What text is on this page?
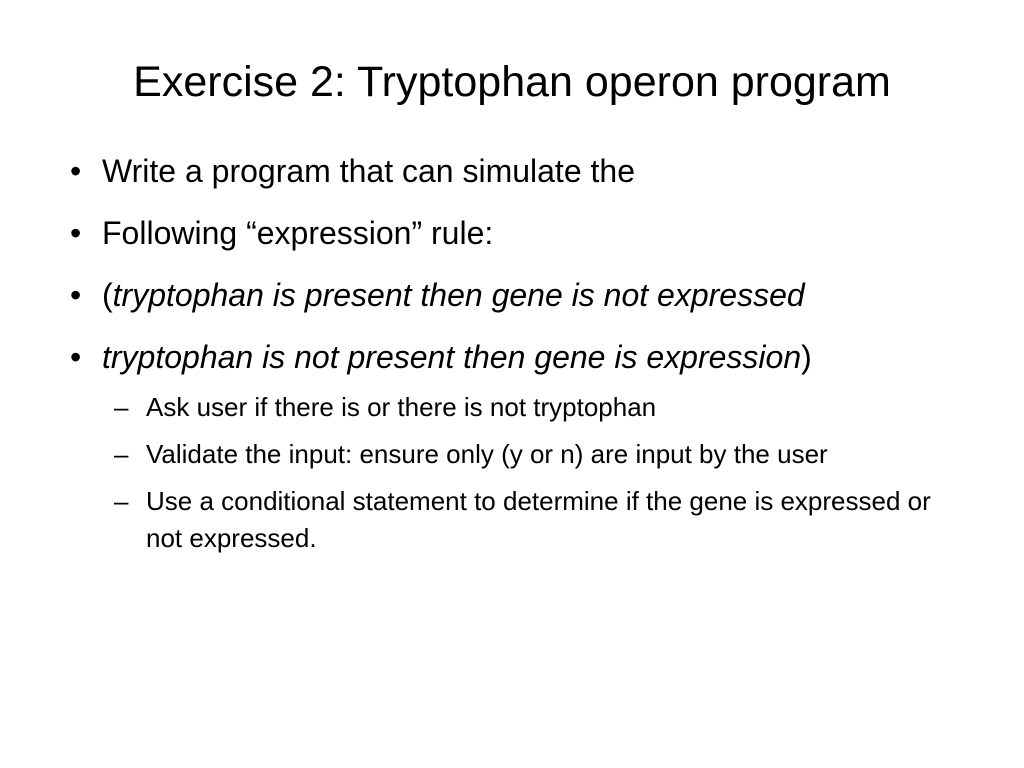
Exercise 2: Tryptophan operon program
• Write a program that can simulate the
• Following “expression” rule:
• (tryptophan is present then gene is not expressed
• tryptophan is not present then gene is expression)
– Ask user if there is or there is not tryptophan
– Validate the input: ensure only (y or n) are input by the user
– Use a conditional statement to determine if the gene is expressed or not expressed.
